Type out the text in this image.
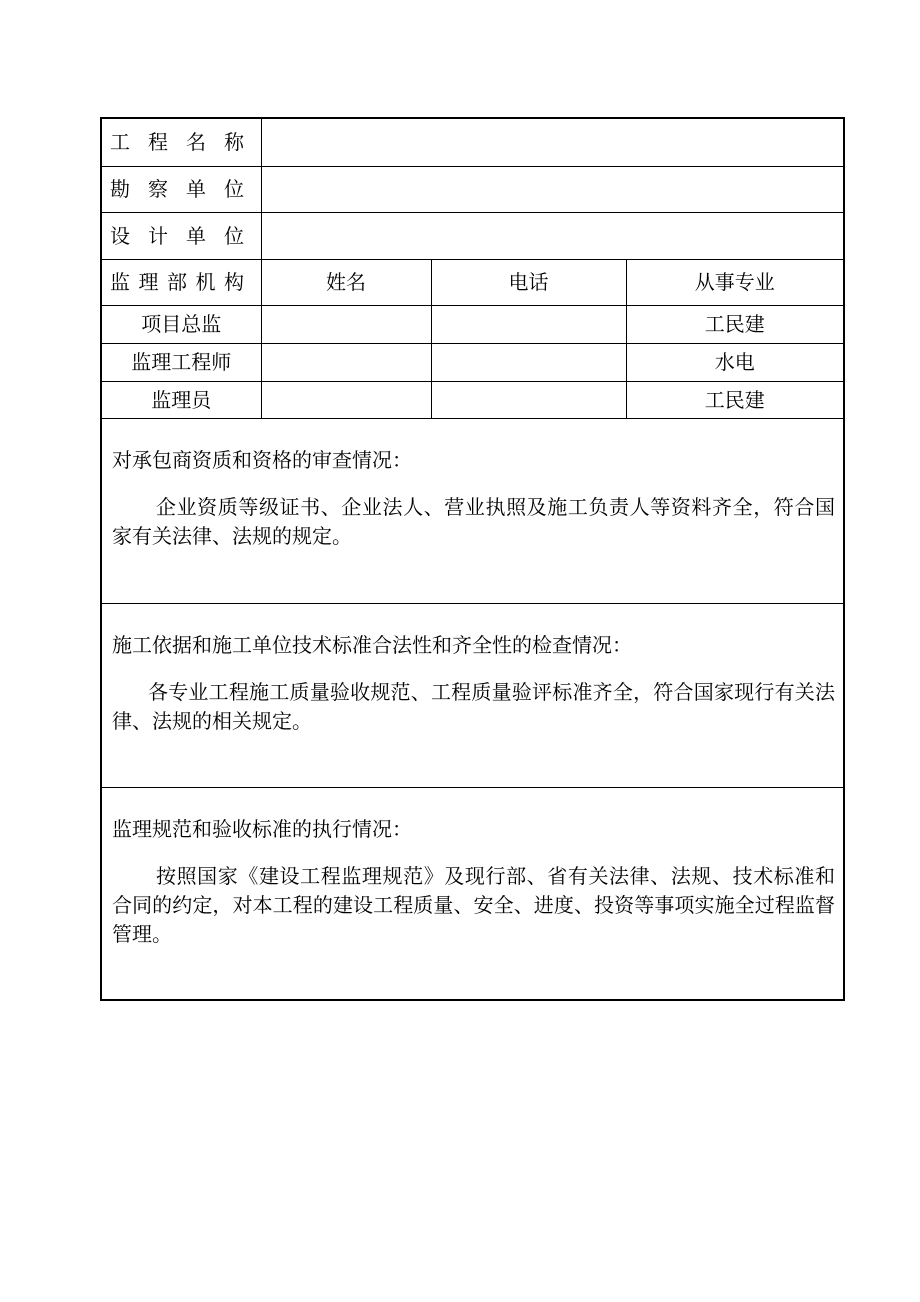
工 程 名 称			

勘 察 单 位			

设 计 单 位			

监 理 部 机 构	姓名	电话	从事专业
项目总监			工民建
监理工程师			水电
监理员			工民建

对承包商资质和资格的审查情况：

企业资质等级证书、企业法人、营业执照及施工负责人等资料齐全，符合国家有关法律、法规的规定。			

施工依据和施工单位技术标准合法性和齐全性的检查情况：

各专业工程施工质量验收规范、工程质量验评标准齐全，符合国家现行有关法律、法规的相关规定。			

监理规范和验收标准的执行情况：

按照国家《建设工程监理规范》及现行部、省有关法律、法规、技术标准和合同的约定，对本工程的建设工程质量、安全、进度、投资等事项实施全过程监督管理。			
